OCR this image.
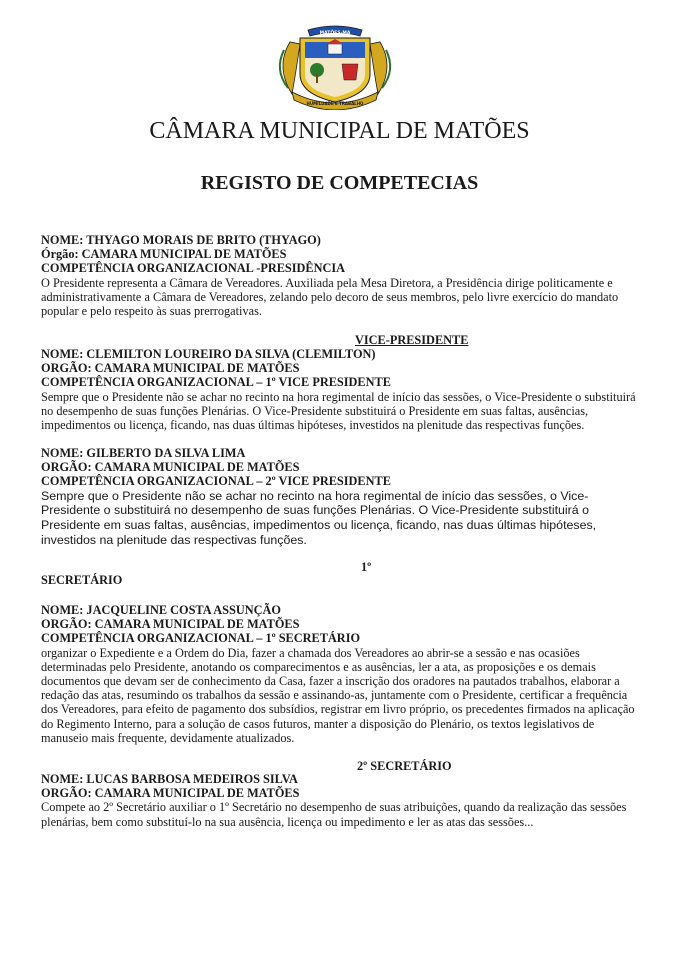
MATÕES-MA
HUMILDADE E TRABALHO
CÂMARA MUNICIPAL DE MATÕES
REGISTO DE COMPETECIAS

NOME: THYAGO MORAIS DE BRITO (THYAGO)

Órgão: CAMARA MUNICIPAL DE MATÕES

COMPETÊNCIA ORGANIZACIONAL -PRESIDÊNCIA

O Presidente representa a Câmara de Vereadores. Auxiliada pela Mesa Diretora, a Presidência dirige politicamente e administrativamente a Câmara de Vereadores, zelando pelo decoro de seus membros, pelo livre exercício do mandato popular e pelo respeito às suas prerrogativas.

VICE-PRESIDENTE

NOME: CLEMILTON LOUREIRO DA SILVA (CLEMILTON)

ORGÃO: CAMARA MUNICIPAL DE MATÕES

COMPETÊNCIA ORGANIZACIONAL – 1º VICE PRESIDENTE

Sempre que o Presidente não se achar no recinto na hora regimental de início das sessões, o Vice-Presidente o substituirá no desempenho de suas funções Plenárias. O Vice-Presidente substituirá o Presidente em suas faltas, ausências, impedimentos ou licença, ficando, nas duas últimas hipóteses, investidos na plenitude das respectivas funções.

NOME: GILBERTO DA SILVA LIMA

ORGÃO: CAMARA MUNICIPAL DE MATÕES

COMPETÊNCIA ORGANIZACIONAL – 2º VICE PRESIDENTE

Sempre que o Presidente não se achar no recinto na hora regimental de início das sessões, o Vice-Presidente o substituirá no desempenho de suas funções Plenárias. O Vice-Presidente substituirá o Presidente em suas faltas, ausências, impedimentos ou licença, ficando, nas duas últimas hipóteses, investidos na plenitude das respectivas funções.

1º
SECRETÁRIO

NOME: JACQUELINE COSTA ASSUNÇÃO

ORGÃO: CAMARA MUNICIPAL DE MATÕES

COMPETÊNCIA ORGANIZACIONAL – 1º SECRETÁRIO

organizar o Expediente e a Ordem do Dia, fazer a chamada dos Vereadores ao abrir-se a sessão e nas ocasiões determinadas pelo Presidente, anotando os comparecimentos e as ausências, ler a ata, as proposições e os demais documentos que devam ser de conhecimento da Casa, fazer a inscrição dos oradores na pautados trabalhos, elaborar a redação das atas, resumindo os trabalhos da sessão e assinando-as, juntamente com o Presidente, certificar a frequência dos Vereadores, para efeito de pagamento dos subsídios, registrar em livro próprio, os precedentes firmados na aplicação do Regimento Interno, para a solução de casos futuros, manter a disposição do Plenário, os textos legislativos de manuseio mais frequente, devidamente atualizados.

2º SECRETÁRIO

NOME: LUCAS BARBOSA MEDEIROS SILVA

ORGÃO: CAMARA MUNICIPAL DE MATÕES

Compete ao 2º Secretário auxiliar o 1º Secretário no desempenho de suas atribuições, quando da realização das sessões plenárias, bem como substituí-lo na sua ausência, licença ou impedimento e ler as atas das sessões...
